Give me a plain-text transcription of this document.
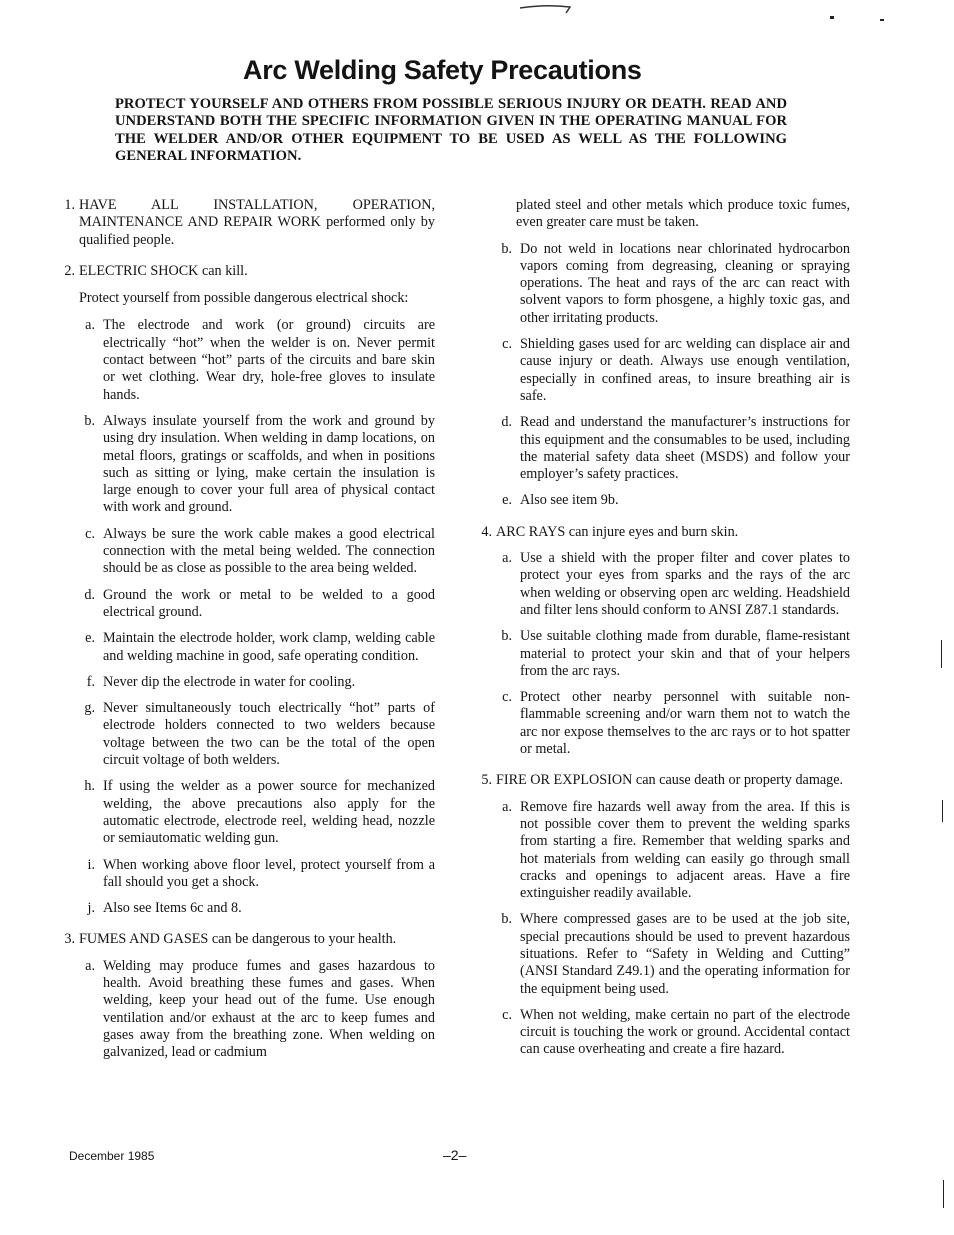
Arc Welding Safety Precautions

PROTECT YOURSELF AND OTHERS FROM POSSIBLE SERIOUS INJURY OR DEATH. READ AND UNDERSTAND BOTH THE SPECIFIC INFORMATION GIVEN IN THE OPERATING MANUAL FOR THE WELDER AND/OR OTHER EQUIPMENT TO BE USED AS WELL AS THE FOLLOWING GENERAL INFORMATION.

1. HAVE ALL INSTALLATION, OPERATION, MAINTENANCE AND REPAIR WORK performed only by qualified people.
2. ELECTRIC SHOCK can kill.
Protect yourself from possible dangerous electrical shock:
a. The electrode and work (or ground) circuits are electrically “hot” when the welder is on. Never permit contact between “hot” parts of the circuits and bare skin or wet clothing. Wear dry, hole-free gloves to insulate hands.
b. Always insulate yourself from the work and ground by using dry insulation. When welding in damp locations, on metal floors, gratings or scaffolds, and when in positions such as sitting or lying, make certain the insulation is large enough to cover your full area of physical contact with work and ground.
c. Always be sure the work cable makes a good electrical connection with the metal being welded. The connection should be as close as possible to the area being welded.
d. Ground the work or metal to be welded to a good electrical ground.
e. Maintain the electrode holder, work clamp, welding cable and welding machine in good, safe operating condition.
f. Never dip the electrode in water for cooling.
g. Never simultaneously touch electrically “hot” parts of electrode holders connected to two welders because voltage between the two can be the total of the open circuit voltage of both welders.
h. If using the welder as a power source for mechanized welding, the above precautions also apply for the automatic electrode, electrode reel, welding head, nozzle or semiautomatic welding gun.
i. When working above floor level, protect yourself from a fall should you get a shock.
j. Also see Items 6c and 8.
3. FUMES AND GASES can be dangerous to your health.
a. Welding may produce fumes and gases hazardous to health. Avoid breathing these fumes and gases. When welding, keep your head out of the fume. Use enough ventilation and/or exhaust at the arc to keep fumes and gases away from the breathing zone. When welding on galvanized, lead or cadmium
plated steel and other metals which produce toxic fumes, even greater care must be taken.
b. Do not weld in locations near chlorinated hydrocarbon vapors coming from degreasing, cleaning or spraying operations. The heat and rays of the arc can react with solvent vapors to form phosgene, a highly toxic gas, and other irritating products.
c. Shielding gases used for arc welding can displace air and cause injury or death. Always use enough ventilation, especially in confined areas, to insure breathing air is safe.
d. Read and understand the manufacturer’s instructions for this equipment and the consumables to be used, including the material safety data sheet (MSDS) and follow your employer’s safety practices.
e. Also see item 9b.
4. ARC RAYS can injure eyes and burn skin.
a. Use a shield with the proper filter and cover plates to protect your eyes from sparks and the rays of the arc when welding or observing open arc welding. Headshield and filter lens should conform to ANSI Z87.1 standards.
b. Use suitable clothing made from durable, flame-resistant material to protect your skin and that of your helpers from the arc rays.
c. Protect other nearby personnel with suitable non-flammable screening and/or warn them not to watch the arc nor expose themselves to the arc rays or to hot spatter or metal.
5. FIRE OR EXPLOSION can cause death or property damage.
a. Remove fire hazards well away from the area. If this is not possible cover them to prevent the welding sparks from starting a fire. Remember that welding sparks and hot materials from welding can easily go through small cracks and openings to adjacent areas. Have a fire extinguisher readily available.
b. Where compressed gases are to be used at the job site, special precautions should be used to prevent hazardous situations. Refer to “Safety in Welding and Cutting” (ANSI Standard Z49.1) and the operating information for the equipment being used.
c. When not welding, make certain no part of the electrode circuit is touching the work or ground. Accidental contact can cause overheating and create a fire hazard.
December 1985	–2–
